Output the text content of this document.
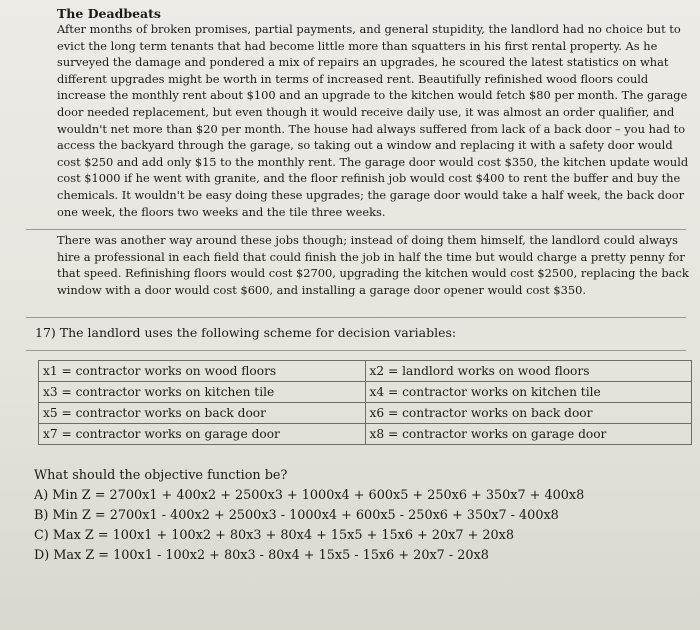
The Deadbeats
After months of broken promises, partial payments, and general stupidity, the landlord had no choice but to evict the long term tenants that had become little more than squatters in his first rental property. As he surveyed the damage and pondered a mix of repairs an upgrades, he scoured the latest statistics on what different upgrades might be worth in terms of increased rent. Beautifully refinished wood floors could increase the monthly rent about $100 and an upgrade to the kitchen would fetch $80 per month. The garage door needed replacement, but even though it would receive daily use, it was almost an order qualifier, and wouldn't net more than $20 per month. The house had always suffered from lack of a back door – you had to access the backyard through the garage, so taking out a window and replacing it with a safety door would cost $250 and add only $15 to the monthly rent. The garage door would cost $350, the kitchen update would cost $1000 if he went with granite, and the floor refinish job would cost $400 to rent the buffer and buy the chemicals. It wouldn't be easy doing these upgrades; the garage door would take a half week, the back door one week, the floors two weeks and the tile three weeks.
There was another way around these jobs though; instead of doing them himself, the landlord could always hire a professional in each field that could finish the job in half the time but would charge a pretty penny for that speed. Refinishing floors would cost $2700, upgrading the kitchen would cost $2500, replacing the back window with a door would cost $600, and installing a garage door opener would cost $350.
17) The landlord uses the following scheme for decision variables:
x1 = contractor works on wood floors	x2 = landlord works on wood floors
x3 = contractor works on kitchen tile	x4 = contractor works on kitchen tile
x5 = contractor works on back door	x6 = contractor works on back door
x7 = contractor works on garage door	x8 = contractor works on garage door
What should the objective function be?
A) Min Z = 2700x1 + 400x2 + 2500x3 + 1000x4 + 600x5 + 250x6 + 350x7 + 400x8
B) Min Z = 2700x1 - 400x2 + 2500x3 - 1000x4 + 600x5 - 250x6 + 350x7 - 400x8
C) Max Z = 100x1 + 100x2 + 80x3 + 80x4 + 15x5 + 15x6 + 20x7 + 20x8
D) Max Z = 100x1 - 100x2 + 80x3 - 80x4 + 15x5 - 15x6 + 20x7 - 20x8
